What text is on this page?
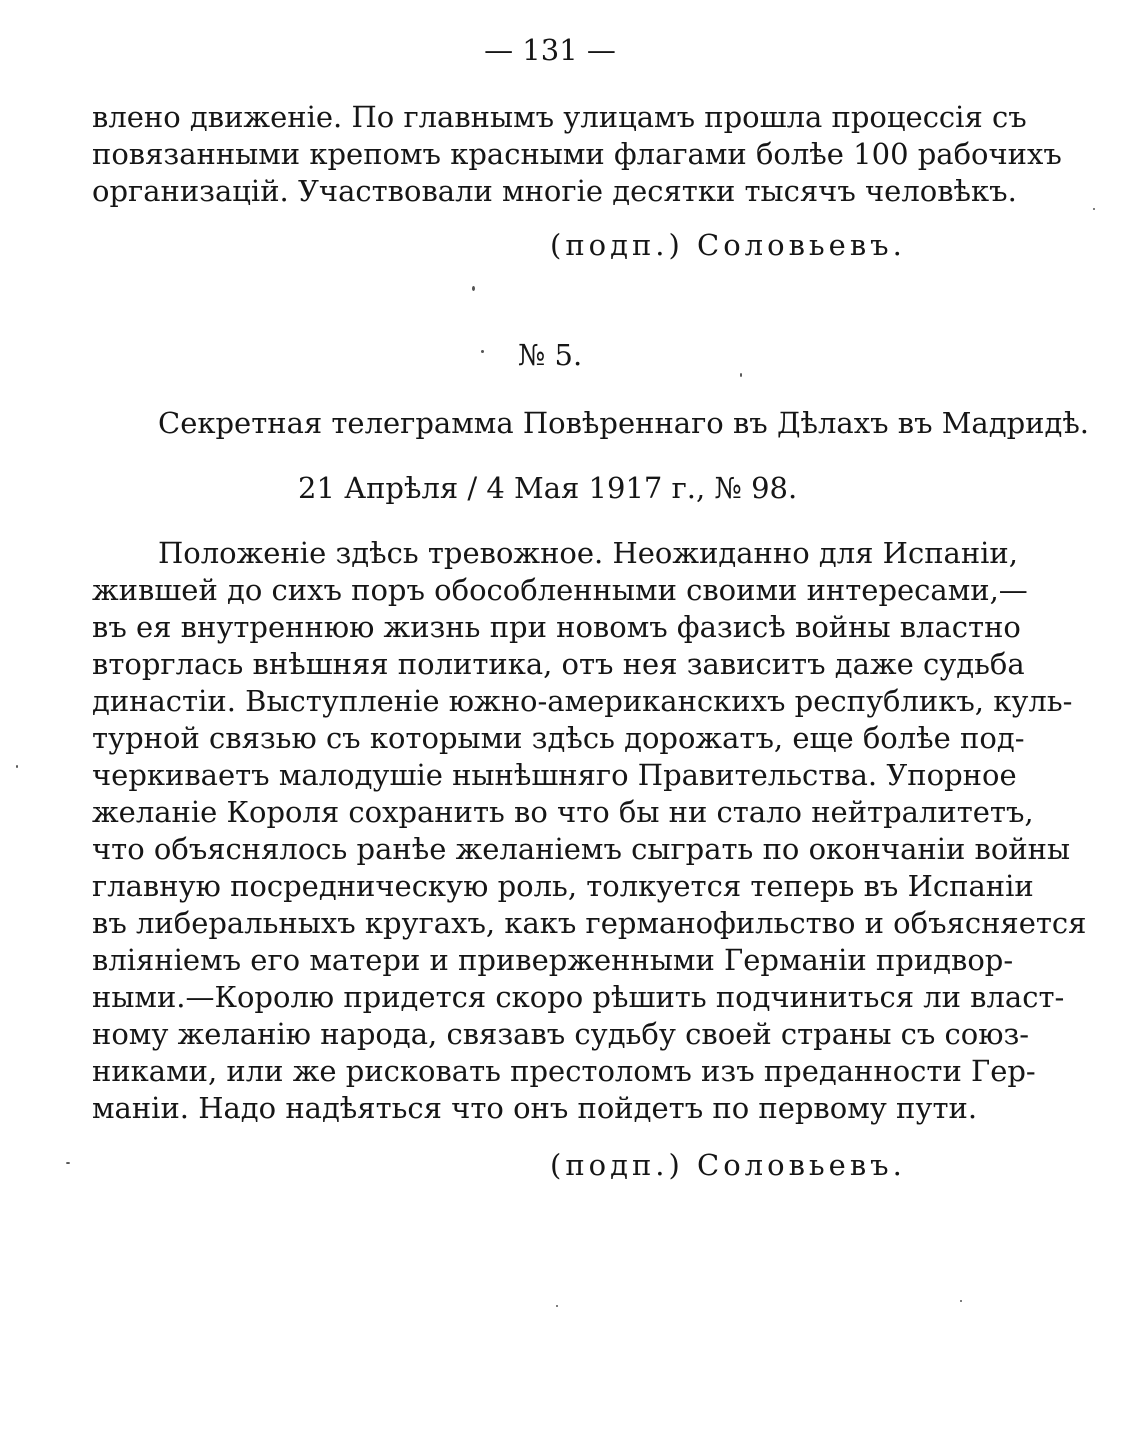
— 131 —
влено движеніе. По главнымъ улицамъ прошла процессія съ
повязанными крепомъ красными флагами болѣе 100 рабочихъ
организацій. Участвовали многіе десятки тысячъ человѣкъ.
(подп.) Соловьевъ.
№ 5.
Секретная телеграмма Повѣреннаго въ Дѣлахъ въ Мадридѣ.
21 Апрѣля / 4 Мая 1917 г., № 98.
Положеніе здѣсь тревожное. Неожиданно для Испаніи,
жившей до сихъ поръ обособленными своими интересами,—
въ ея внутреннюю жизнь при новомъ фазисѣ войны властно
вторглась внѣшняя политика, отъ нея зависитъ даже судьба
династіи. Выступленіе южно-американскихъ республикъ, куль-
турной связью съ которыми здѣсь дорожатъ, еще болѣе под-
черкиваетъ малодушіе нынѣшняго Правительства. Упорное
желаніе Короля сохранить во что бы ни стало нейтралитетъ,
что объяснялось ранѣе желаніемъ сыграть по окончаніи войны
главную посредническую роль, толкуется теперь въ Испаніи
въ либеральныхъ кругахъ, какъ германофильство и объясняется
вліяніемъ его матери и приверженными Германіи придвор-
ными.—Королю придется скоро рѣшить подчиниться ли власт-
ному желанію народа, связавъ судьбу своей страны съ союз-
никами, или же рисковать престоломъ изъ преданности Гер-
маніи. Надо надѣяться что онъ пойдетъ по первому пути.
(подп.) Соловьевъ.
